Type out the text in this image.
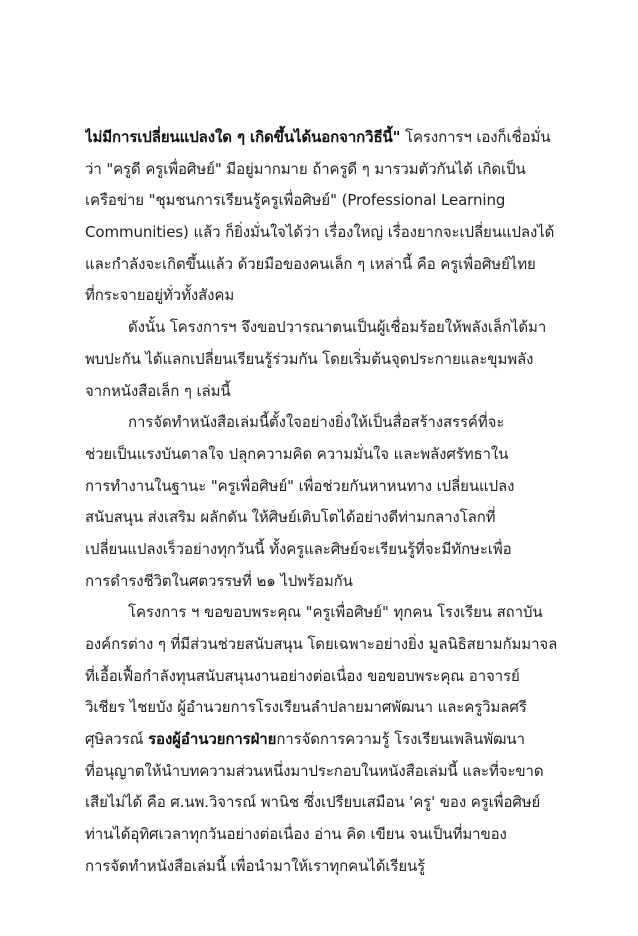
ไม่มีการเปลี่ยนแปลงใด ๆ เกิดขึ้นได้นอกจากวิธีนี้" โครงการฯ เองก็เชื่อมั่น
ว่า "ครูดี ครูเพื่อศิษย์" มีอยู่มากมาย ถ้าครูดี ๆ มารวมตัวกันได้ เกิดเป็น
เครือข่าย "ชุมชนการเรียนรู้ครูเพื่อศิษย์" (Professional Learning
Communities) แล้ว ก็ยิ่งมั่นใจได้ว่า เรื่องใหญ่ เรื่องยากจะเปลี่ยนแปลงได้
และกำลังจะเกิดขึ้นแล้ว ด้วยมือของคนเล็ก ๆ เหล่านี้ คือ ครูเพื่อศิษย์ไทย
ที่กระจายอยู่ทั่วทั้งสังคม
ดังนั้น โครงการฯ จึงขอปวารณาตนเป็นผู้เชื่อมร้อยให้พลังเล็กได้มา
พบปะกัน ได้แลกเปลี่ยนเรียนรู้ร่วมกัน โดยเริ่มต้นจุดประกายและขุมพลัง
จากหนังสือเล็ก ๆ เล่มนี้
การจัดทำหนังสือเล่มนี้ตั้งใจอย่างยิ่งให้เป็นสื่อสร้างสรรค์ที่จะ
ช่วยเป็นแรงบันดาลใจ ปลุกความคิด ความมั่นใจ และพลังศรัทธาใน
การทำงานในฐานะ "ครูเพื่อศิษย์" เพื่อช่วยกันหาหนทาง เปลี่ยนแปลง
สนับสนุน ส่งเสริม ผลักดัน ให้ศิษย์เติบโตได้อย่างดีท่ามกลางโลกที่
เปลี่ยนแปลงเร็วอย่างทุกวันนี้ ทั้งครูและศิษย์จะเรียนรู้ที่จะมีทักษะเพื่อ
การดำรงชีวิตในศตวรรษที่ ๒๑ ไปพร้อมกัน
โครงการ ฯ ขอขอบพระคุณ "ครูเพื่อศิษย์" ทุกคน โรงเรียน สถาบัน
องค์กรต่าง ๆ ที่มีส่วนช่วยสนับสนุน โดยเฉพาะอย่างยิ่ง มูลนิธิสยามกัมมาจล
ที่เอื้อเฟื้อกำลังทุนสนับสนุนงานอย่างต่อเนื่อง ขอขอบพระคุณ อาจารย์
วิเชียร ไชยบัง ผู้อำนวยการโรงเรียนลำปลายมาศพัฒนา และครูวิมลศรี
ศุษิลวรณ์ รองผู้อำนวยการฝ่ายการจัดการความรู้ โรงเรียนเพลินพัฒนา
ที่อนุญาตให้นำบทความส่วนหนึ่งมาประกอบในหนังสือเล่มนี้ และที่จะขาด
เสียไม่ได้ คือ ศ.นพ.วิจารณ์ พานิช ซึ่งเปรียบเสมือน 'ครู' ของ ครูเพื่อศิษย์
ท่านได้อุทิศเวลาทุกวันอย่างต่อเนื่อง อ่าน คิด เขียน จนเป็นที่มาของ
การจัดทำหนังสือเล่มนี้ เพื่อนำมาให้เราทุกคนได้เรียนรู้
